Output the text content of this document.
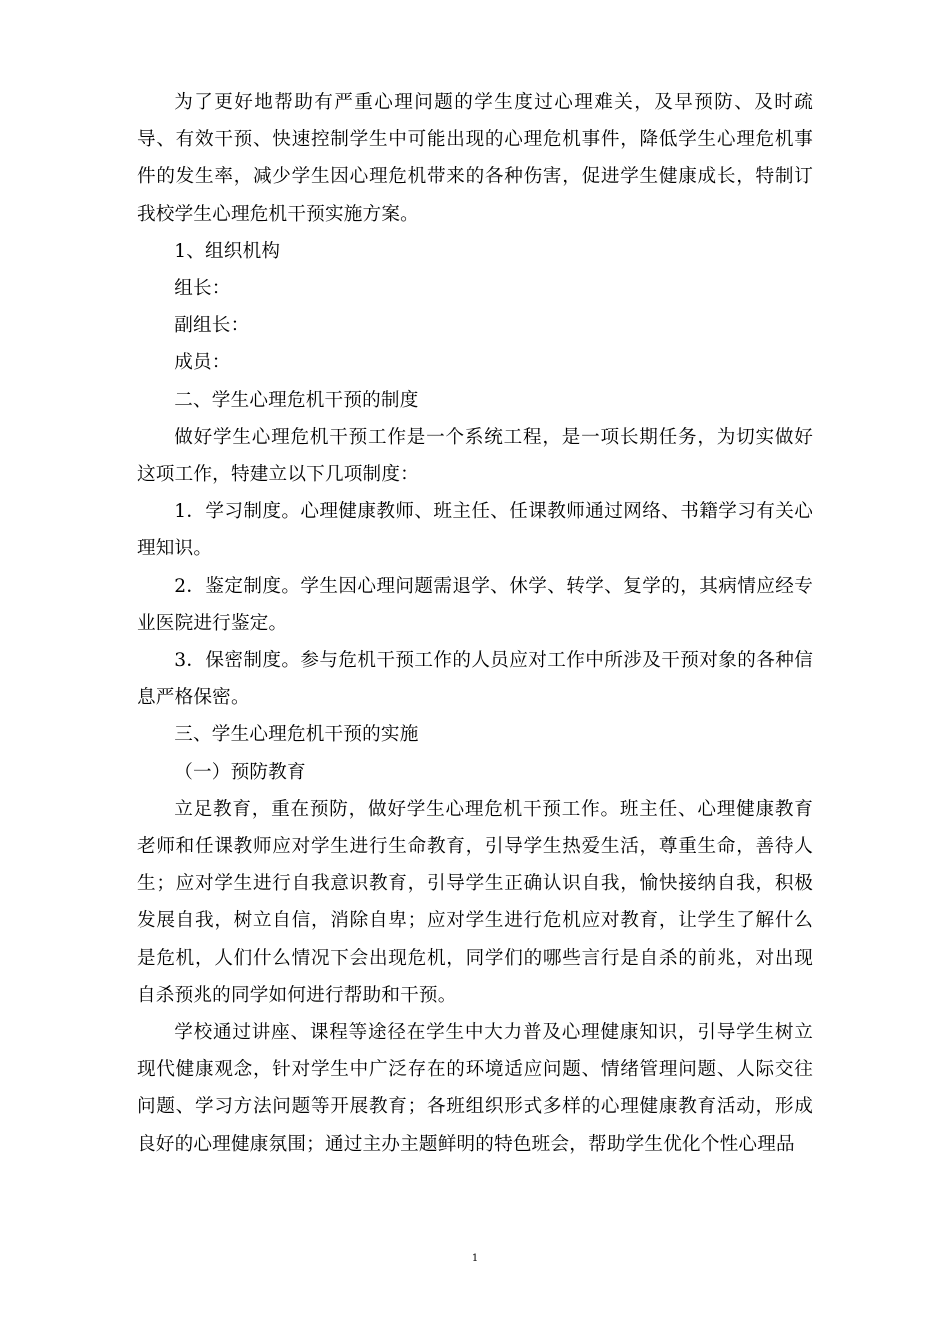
为了更好地帮助有严重心理问题的学生度过心理难关，及早预防、及时疏导、有效干预、快速控制学生中可能出现的心理危机事件，降低学生心理危机事件的发生率，减少学生因心理危机带来的各种伤害，促进学生健康成长，特制订我校学生心理危机干预实施方案。

1、组织机构

组长：

副组长：

成员：

二、学生心理危机干预的制度

做好学生心理危机干预工作是一个系统工程，是一项长期任务，为切实做好这项工作，特建立以下几项制度：

1．学习制度。心理健康教师、班主任、任课教师通过网络、书籍学习有关心理知识。

2．鉴定制度。学生因心理问题需退学、休学、转学、复学的，其病情应经专业医院进行鉴定。

3．保密制度。参与危机干预工作的人员应对工作中所涉及干预对象的各种信息严格保密。

三、学生心理危机干预的实施

（一）预防教育

立足教育，重在预防，做好学生心理危机干预工作。班主任、心理健康教育老师和任课教师应对学生进行生命教育，引导学生热爱生活，尊重生命，善待人生；应对学生进行自我意识教育，引导学生正确认识自我，愉快接纳自我，积极发展自我，树立自信，消除自卑；应对学生进行危机应对教育，让学生了解什么是危机，人们什么情况下会出现危机，同学们的哪些言行是自杀的前兆，对出现自杀预兆的同学如何进行帮助和干预。

学校通过讲座、课程等途径在学生中大力普及心理健康知识，引导学生树立现代健康观念，针对学生中广泛存在的环境适应问题、情绪管理问题、人际交往问题、学习方法问题等开展教育；各班组织形式多样的心理健康教育活动，形成良好的心理健康氛围；通过主办主题鲜明的特色班会，帮助学生优化个性心理品

1
